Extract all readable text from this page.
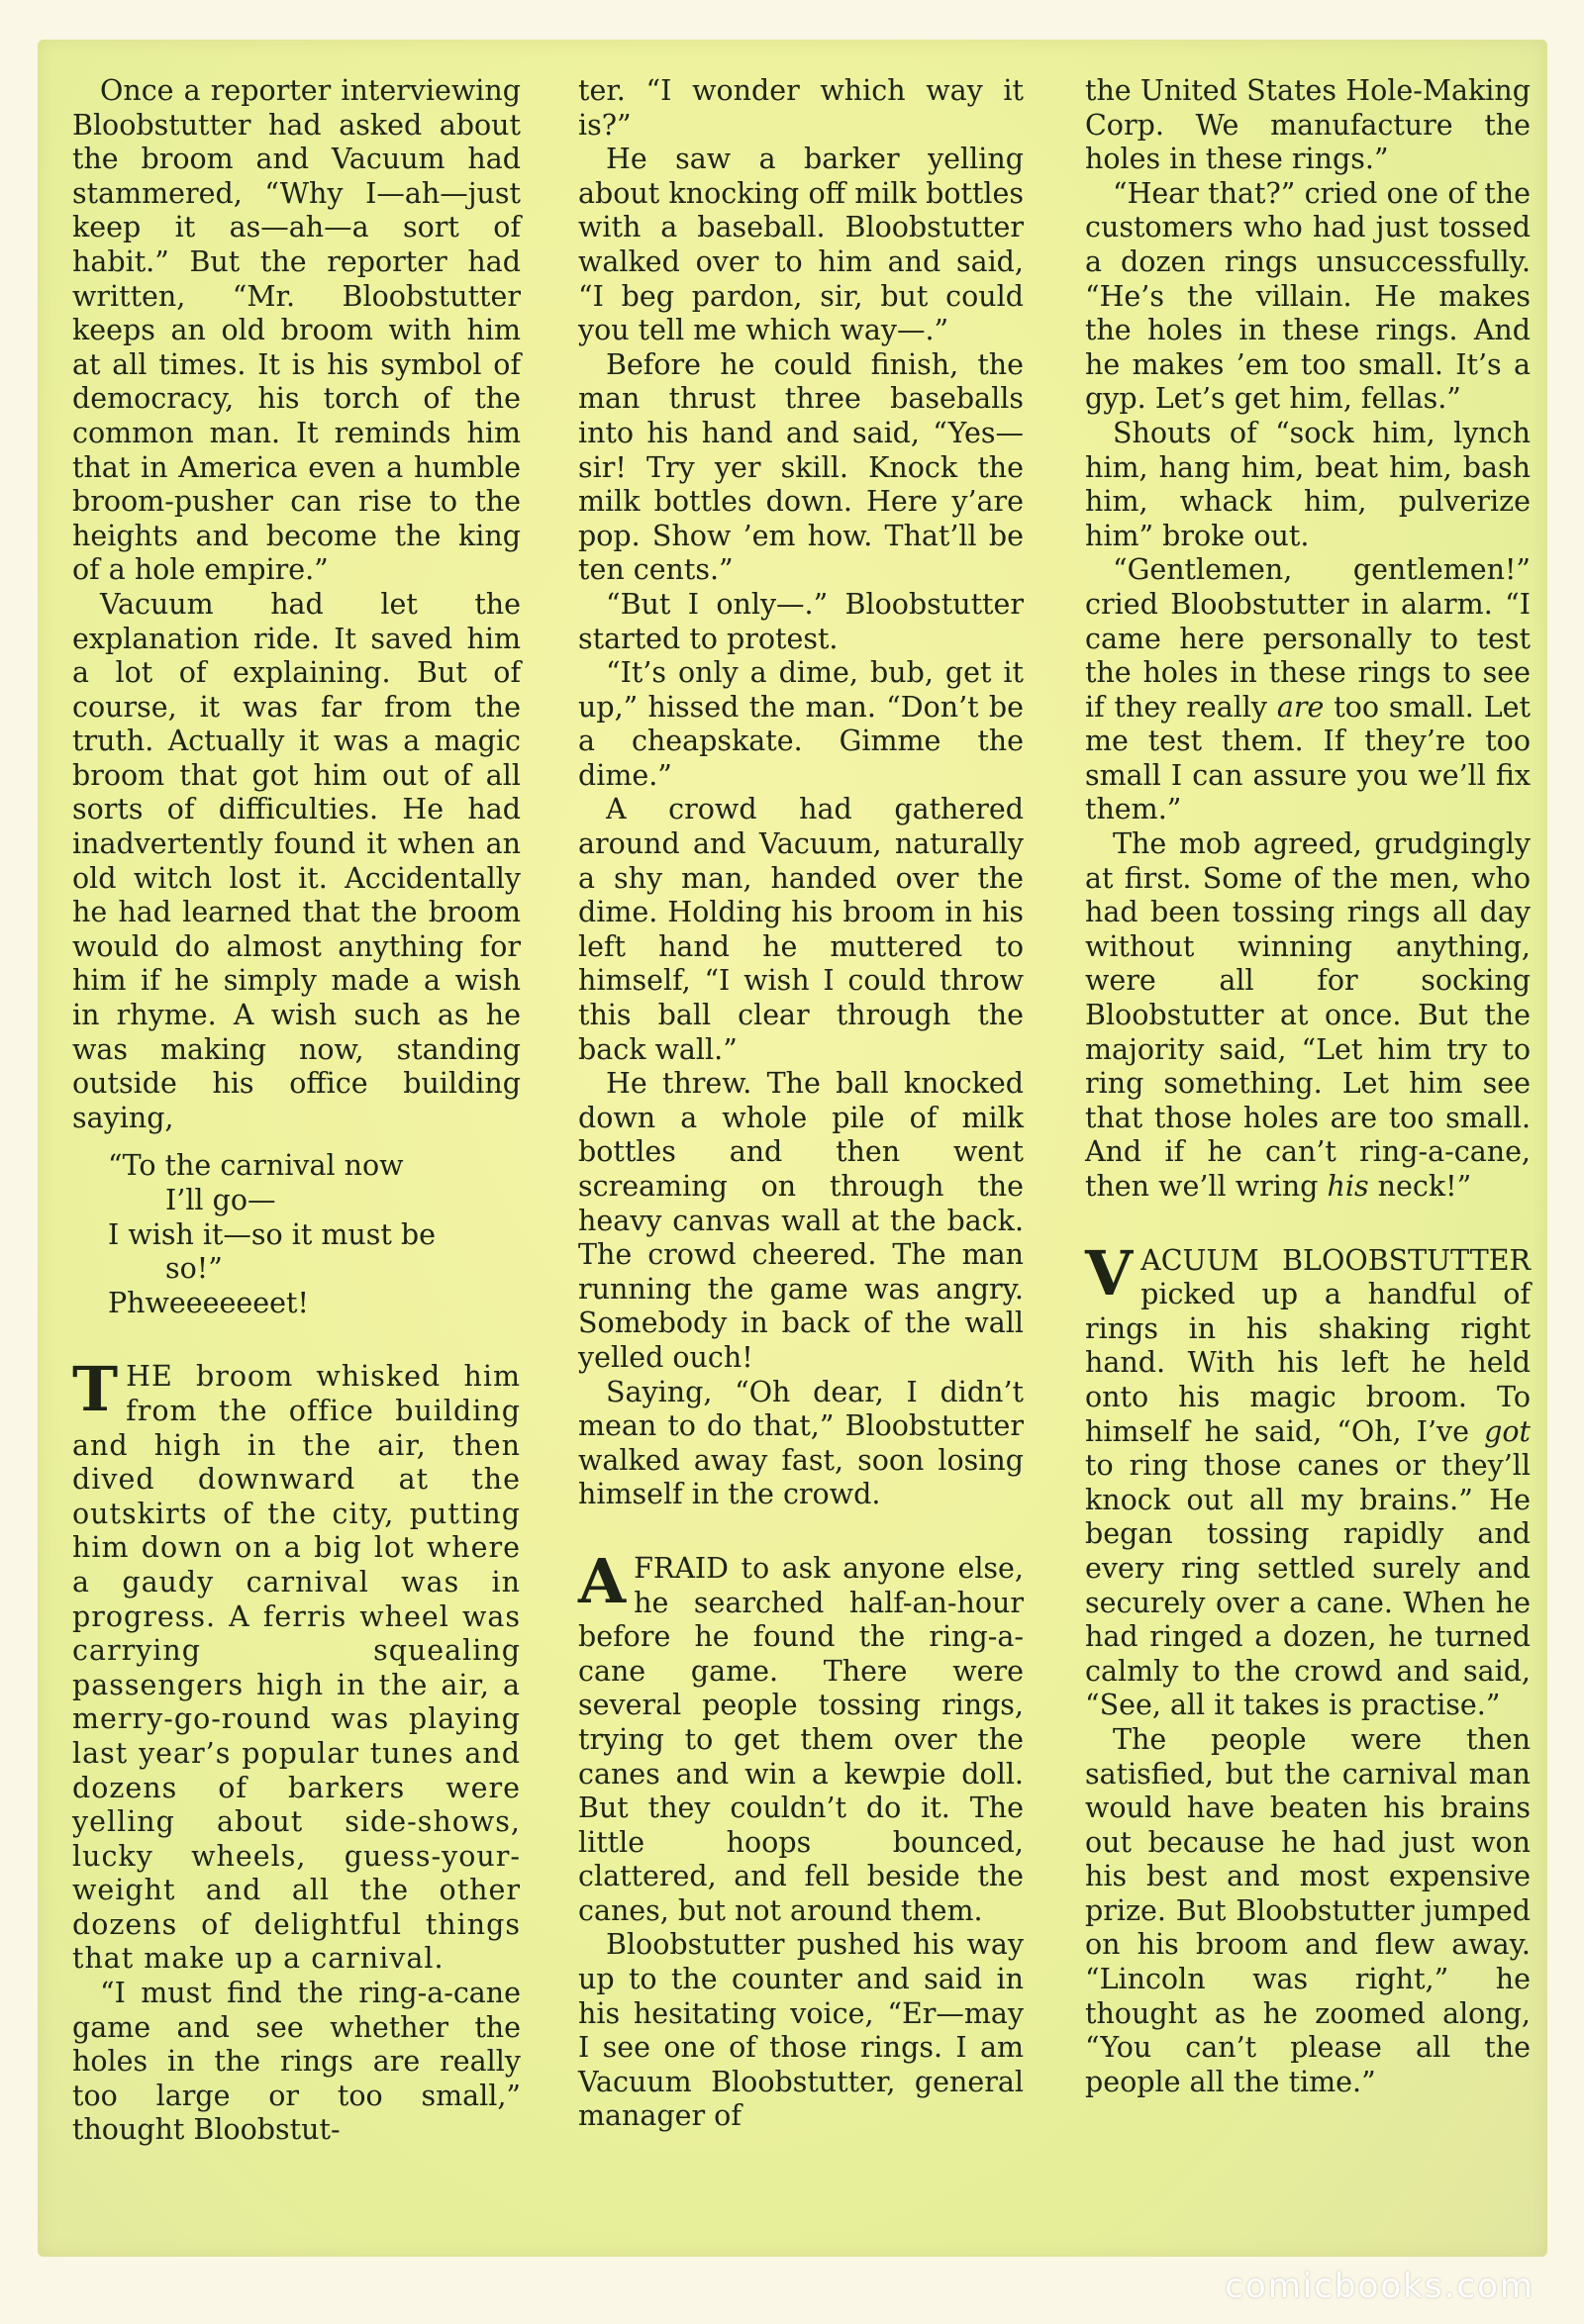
Once a reporter interviewing Bloobstutter had asked about the broom and Vacuum had stammered, “Why I—ah—just keep it as—ah—a sort of habit.” But the reporter had written, “Mr. Bloobstutter keeps an old broom with him at all times. It is his symbol of democracy, his torch of the common man. It reminds him that in America even a humble broom-pusher can rise to the heights and become the king of a hole empire.”

Vacuum had let the explanation ride. It saved him a lot of explaining. But of course, it was far from the truth. Actually it was a magic broom that got him out of all sorts of difficulties. He had inadvertently found it when an old witch lost it. Accidentally he had learned that the broom would do almost anything for him if he simply made a wish in rhyme. A wish such as he was making now, standing outside his office building saying,

“To the carnival now

I’ll go—

I wish it—so it must be

so!”

Phweeeeeeet!

THE broom whisked him from the office building and high in the air, then dived downward at the outskirts of the city, putting him down on a big lot where a gaudy carnival was in progress. A ferris wheel was carrying squealing passengers high in the air, a merry-go-round was playing last year’s popular tunes and dozens of barkers were yelling about side-shows, lucky wheels, guess-your-weight and all the other dozens of delightful things that make up a carnival.

“I must find the ring-a-cane game and see whether the holes in the rings are really too large or too small,” thought Bloobstut-

ter. “I wonder which way it is?”

He saw a barker yelling about knocking off milk bottles with a baseball. Bloobstutter walked over to him and said, “I beg pardon, sir, but could you tell me which way—.”

Before he could finish, the man thrust three baseballs into his hand and said, “Yes—sir! Try yer skill. Knock the milk bottles down. Here y’are pop. Show ’em how. That’ll be ten cents.”

“But I only—.” Bloobstutter started to protest.

“It’s only a dime, bub, get it up,” hissed the man. “Don’t be a cheapskate. Gimme the dime.”

A crowd had gathered around and Vacuum, naturally a shy man, handed over the dime. Holding his broom in his left hand he muttered to himself, “I wish I could throw this ball clear through the back wall.”

He threw. The ball knocked down a whole pile of milk bottles and then went screaming on through the heavy canvas wall at the back. The crowd cheered. The man running the game was angry. Somebody in back of the wall yelled ouch!

Saying, “Oh dear, I didn’t mean to do that,” Bloobstutter walked away fast, soon losing himself in the crowd.

AFRAID to ask anyone else, he searched half-an-hour before he found the ring-a-cane game. There were several people tossing rings, trying to get them over the canes and win a kewpie doll. But they couldn’t do it. The little hoops bounced, clattered, and fell beside the canes, but not around them.

Bloobstutter pushed his way up to the counter and said in his hesitating voice, “Er—may I see one of those rings. I am Vacuum Bloobstutter, general manager of

the United States Hole-Making Corp. We manufacture the holes in these rings.”

“Hear that?” cried one of the customers who had just tossed a dozen rings unsuccessfully. “He’s the villain. He makes the holes in these rings. And he makes ’em too small. It’s a gyp. Let’s get him, fellas.”

Shouts of “sock him, lynch him, hang him, beat him, bash him, whack him, pulverize him” broke out.

“Gentlemen, gentlemen!” cried Bloobstutter in alarm. “I came here personally to test the holes in these rings to see if they really are too small. Let me test them. If they’re too small I can assure you we’ll fix them.”

The mob agreed, grudgingly at first. Some of the men, who had been tossing rings all day without winning anything, were all for socking Bloobstutter at once. But the majority said, “Let him try to ring something. Let him see that those holes are too small. And if he can’t ring-a-cane, then we’ll wring his neck!”

VACUUM BLOOBSTUTTER picked up a handful of rings in his shaking right hand. With his left he held onto his magic broom. To himself he said, “Oh, I’ve got to ring those canes or they’ll knock out all my brains.” He began tossing rapidly and every ring settled surely and securely over a cane. When he had ringed a dozen, he turned calmly to the crowd and said, “See, all it takes is practise.”

The people were then satisfied, but the carnival man would have beaten his brains out because he had just won his best and most expensive prize. But Bloobstutter jumped on his broom and flew away. “Lincoln was right,” he thought as he zoomed along, “You can’t please all the people all the time.”

comicbooks.com
